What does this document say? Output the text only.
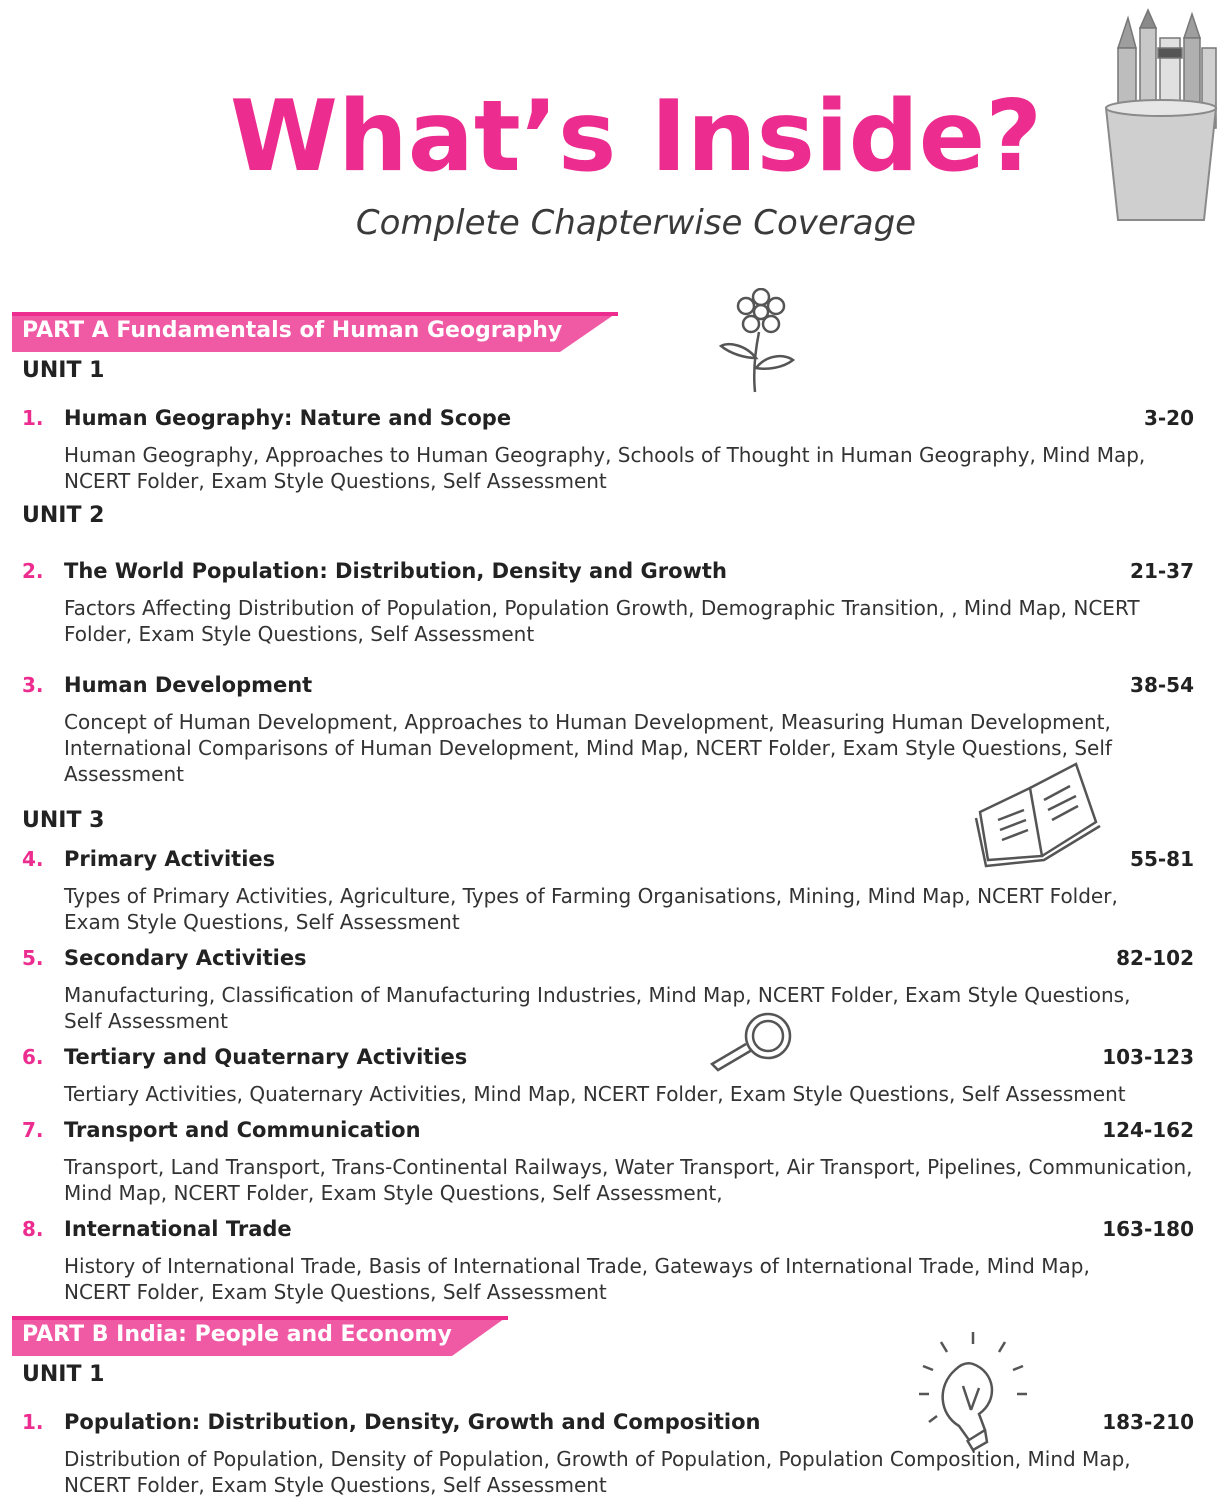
What’s Inside?
Complete Chapterwise Coverage
PART A Fundamentals of Human Geography
UNIT 1
UNIT 2
UNIT 3
1. Human Geography: Nature and Scope	3-20
Human Geography, Approaches to Human Geography, Schools of Thought in Human Geography, Mind Map, NCERT Folder, Exam Style Questions, Self Assessment
2. The World Population: Distribution, Density and Growth	21-37
Factors Affecting Distribution of Population, Population Growth, Demographic Transition, , Mind Map, NCERT Folder, Exam Style Questions, Self Assessment
3. Human Development	38-54
Concept of Human Development, Approaches to Human Development, Measuring Human Development, International Comparisons of Human Development, Mind Map, NCERT Folder, Exam Style Questions, Self Assessment
4. Primary Activities	55-81
Types of Primary Activities, Agriculture, Types of Farming Organisations, Mining, Mind Map, NCERT Folder, Exam Style Questions, Self Assessment
5. Secondary Activities	82-102
Manufacturing, Classification of Manufacturing Industries, Mind Map, NCERT Folder, Exam Style Questions, Self Assessment
6. Tertiary and Quaternary Activities	103-123
Tertiary Activities, Quaternary Activities, Mind Map, NCERT Folder, Exam Style Questions, Self Assessment
7. Transport and Communication	124-162
Transport, Land Transport, Trans-Continental Railways, Water Transport, Air Transport, Pipelines, Communication, Mind Map, NCERT Folder, Exam Style Questions, Self Assessment,
8. International Trade	163-180
History of International Trade, Basis of International Trade, Gateways of International Trade, Mind Map, NCERT Folder, Exam Style Questions, Self Assessment
PART B India: People and Economy
UNIT 1
1. Population: Distribution, Density, Growth and Composition	183-210
Distribution of Population, Density of Population, Growth of Population, Population Composition, Mind Map, NCERT Folder, Exam Style Questions, Self Assessment
